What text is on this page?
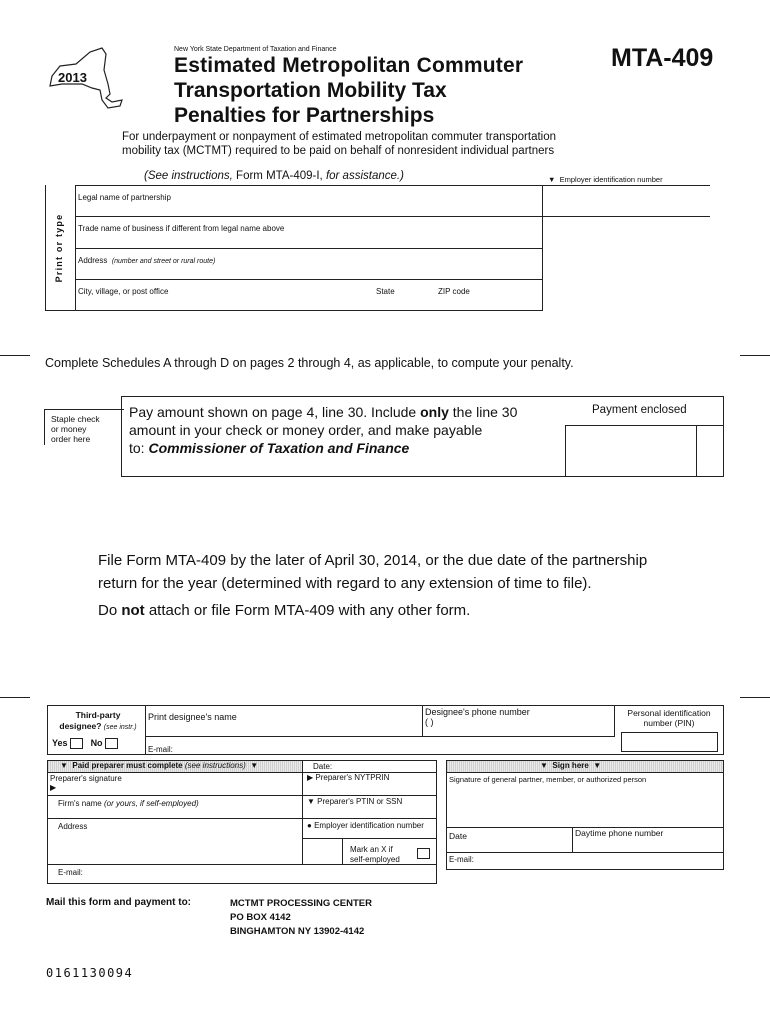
2013
New York State Department of Taxation and Finance
Estimated Metropolitan Commuter
Transportation Mobility Tax
Penalties for Partnerships
MTA-409
For underpayment or nonpayment of estimated metropolitan commuter transportation
mobility tax (MCTMT) required to be paid on behalf of nonresident individual partners
(See instructions, Form MTA-409-I, for assistance.)	▼ Employer identification number
Print or type
Legal name of partnership
Trade name of business if different from legal name above
Address (number and street or rural route)
City, village, or post office	State	ZIP code
Complete Schedules A through D on pages 2 through 4, as applicable, to compute your penalty.
Staple check
or money
order here
Pay amount shown on page 4, line 30. Include only the line 30
amount in your check or money order, and make payable
to: Commissioner of Taxation and Finance
Payment enclosed
File Form MTA-409 by the later of April 30, 2014, or the due date of the partnership
return for the year (determined with regard to any extension of time to file).
Do not attach or file Form MTA-409 with any other form.
Third-party
designee? (see instr.)
Yes	No
Print designee's name	Designee's phone number
( )
Personal identification
number (PIN)
E-mail:
▼ Paid preparer must complete (see instructions) ▼	Date:
Preparer's signature
▶
▶ Preparer's NYTPRIN
Firm's name (or yours, if self-employed)	▼ Preparer's PTIN or SSN
Address	● Employer identification number
Mark an X if
self-employed
E-mail:
▼ Sign here ▼
Signature of general partner, member, or authorized person
Date	Daytime phone number
E-mail:
Mail this form and payment to:	MCTMT PROCESSING CENTER
PO BOX 4142
BINGHAMTON NY 13902-4142
0161130094
